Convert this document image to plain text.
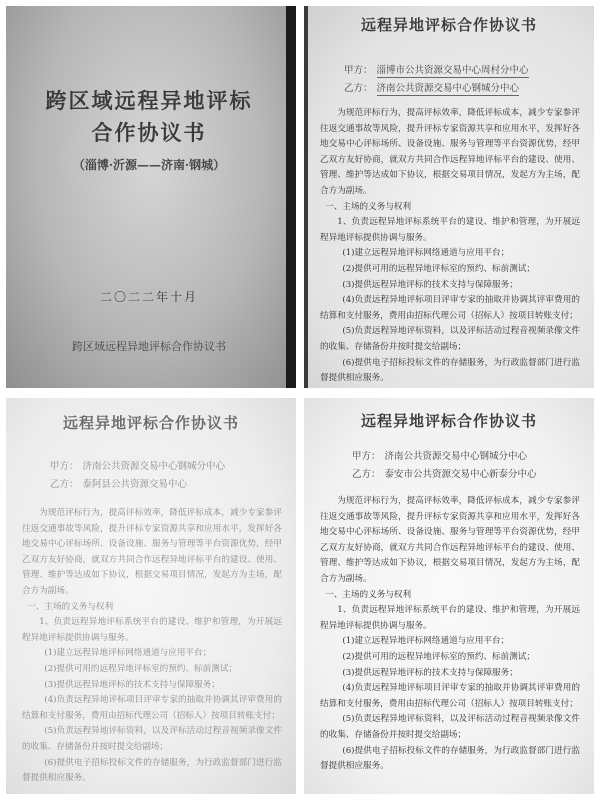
跨区域远程异地评标
合作协议书
（淄博·沂源——济南·钢城）
二〇二二年十月
跨区域远程异地评标合作协议书
远程异地评标合作协议书
甲方： 淄博市公共资源交易中心周村分中心
乙方： 济南公共资源交易中心钢城分中心

为规范评标行为，提高评标效率，降低评标成本，减少专家参评往返交通事故等风险，提升评标专家资源共享和应用水平，发挥好各地交易中心评标场所、设备设施、服务与管理等平台资源优势，经甲乙双方友好协商，就双方共同合作远程异地评标平台的建设、使用、管理、维护等达成如下协议，根据交易项目情况，发起方为主场，配合方为副场。

一、主场的义务与权利

1、负责远程异地评标系统平台的建设、维护和管理，为开展远程异地评标提供协调与服务。

(1)建立远程异地评标网络通道与应用平台；

(2)提供可用的远程异地评标室的预约、标前测试；

(3)提供远程异地评标的技术支持与保障服务；

(4)负责远程异地评标项目评审专家的抽取并协调其评审费用的结算和支付服务，费用由招标代理公司（招标人）按项目转账支付；

(5)负责远程异地评标资料，以及评标活动过程音视频录像文件的收集、存储备份并按时提交给副场；

(6)提供电子招标投标文件的存储服务，为行政监督部门进行监督提供相应服务。

远程异地评标合作协议书
甲方： 济南公共资源交易中心钢城分中心
乙方： 泰阿县公共资源交易中心

为规范评标行为，提高评标效率，降低评标成本，减少专家参评往返交通事故等风险，提升评标专家资源共享和应用水平，发挥好各地交易中心评标场所、设备设施、服务与管理等平台资源优势，经甲乙双方友好协商，就双方共同合作远程异地评标平台的建设、使用、管理、维护等达成如下协议，根据交易项目情况，发起方为主场，配合方为副场。

一、主场的义务与权利

1、负责远程异地评标系统平台的建设、维护和管理，为开展远程异地评标提供协调与服务。

(1)建立远程异地评标网络通道与应用平台；

(2)提供可用的远程异地评标室的预约、标前测试；

(3)提供远程异地评标的技术支持与保障服务；

(4)负责远程异地评标项目评审专家的抽取并协调其评审费用的结算和支付服务，费用由招标代理公司（招标人）按项目转账支付；

(5)负责远程异地评标资料，以及评标活动过程音视频录像文件的收集、存储备份并按时提交给副场；

(6)提供电子招标投标文件的存储服务，为行政监督部门进行监督提供相应服务。

远程异地评标合作协议书
甲方： 济南公共资源交易中心钢城分中心
乙方： 泰安市公共资源交易中心新泰分中心

为规范评标行为，提高评标效率，降低评标成本，减少专家参评往返交通事故等风险，提升评标专家资源共享和应用水平，发挥好各地交易中心评标场所、设备设施、服务与管理等平台资源优势，经甲乙双方友好协商，就双方共同合作远程异地评标平台的建设、使用、管理、维护等达成如下协议，根据交易项目情况，发起方为主场，配合方为副场。

一、主场的义务与权利

1、负责远程异地评标系统平台的建设、维护和管理，为开展远程异地评标提供协调与服务。

(1)建立远程异地评标网络通道与应用平台；

(2)提供可用的远程异地评标室的预约、标前测试；

(3)提供远程异地评标的技术支持与保障服务；

(4)负责远程异地评标项目评审专家的抽取并协调其评审费用的结算和支付服务，费用由招标代理公司（招标人）按项目转账支付；

(5)负责远程异地评标资料，以及评标活动过程音视频录像文件的收集、存储备份并按时提交给副场；

(6)提供电子招标投标文件的存储服务，为行政监督部门进行监督提供相应服务。
